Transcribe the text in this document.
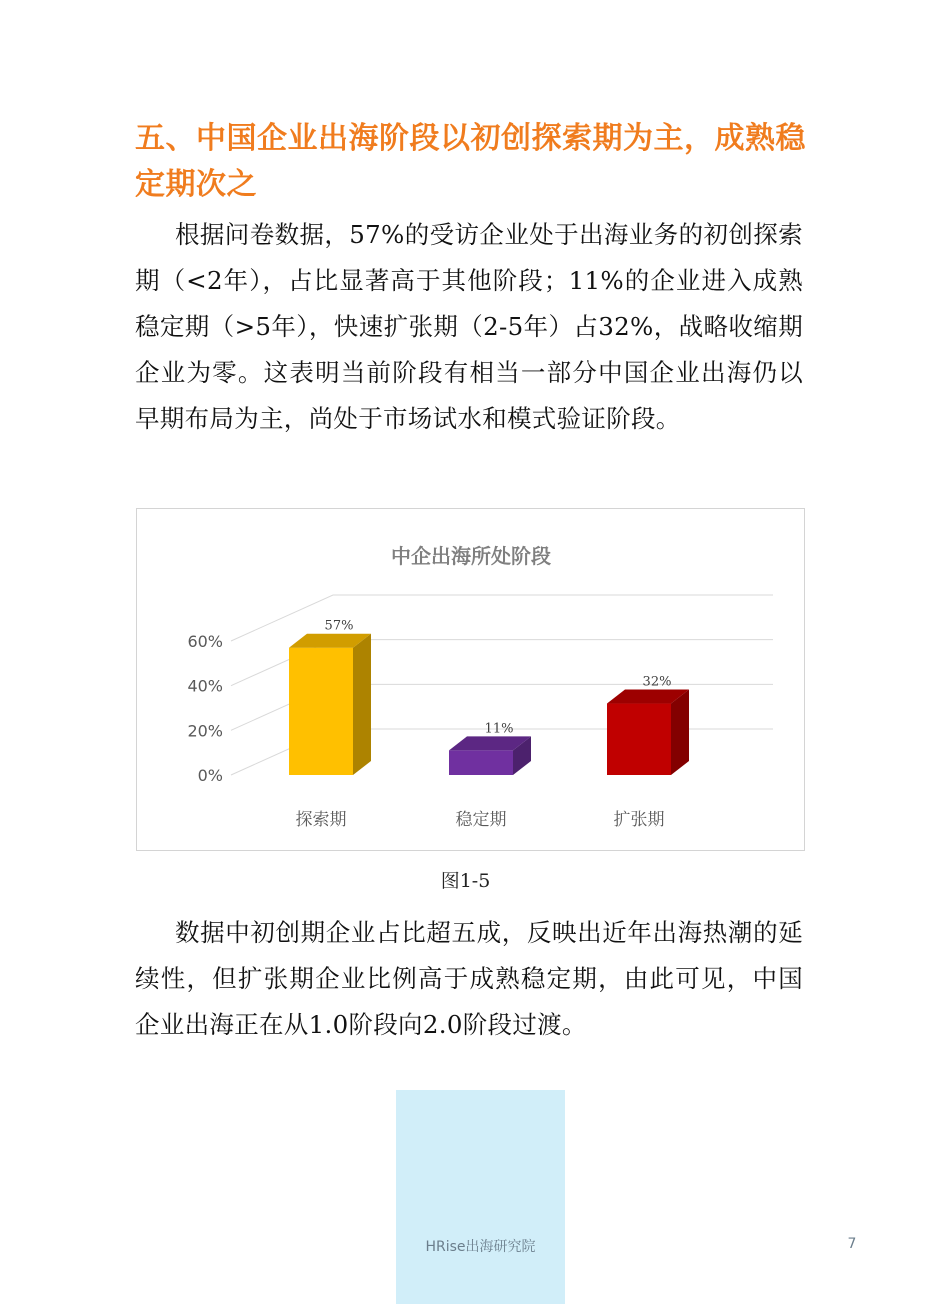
五、中国企业出海阶段以初创探索期为主，成熟稳定期次之
根据问卷数据，57%的受访企业处于出海业务的初创探索期（<2年），占比显著高于其他阶段；11%的企业进入成熟稳定期（>5年），快速扩张期（2-5年）占32%，战略收缩期企业为零。这表明当前阶段有相当一部分中国企业出海仍以早期布局为主，尚处于市场试水和模式验证阶段。
中企出海所处阶段
0%
20%
40%
60%
57%
探索期
11%
稳定期
32%
扩张期
图1-5
数据中初创期企业占比超五成，反映出近年出海热潮的延续性，但扩张期企业比例高于成熟稳定期，由此可见，中国企业出海正在从1.0阶段向2.0阶段过渡。
HRise出海研究院	7
